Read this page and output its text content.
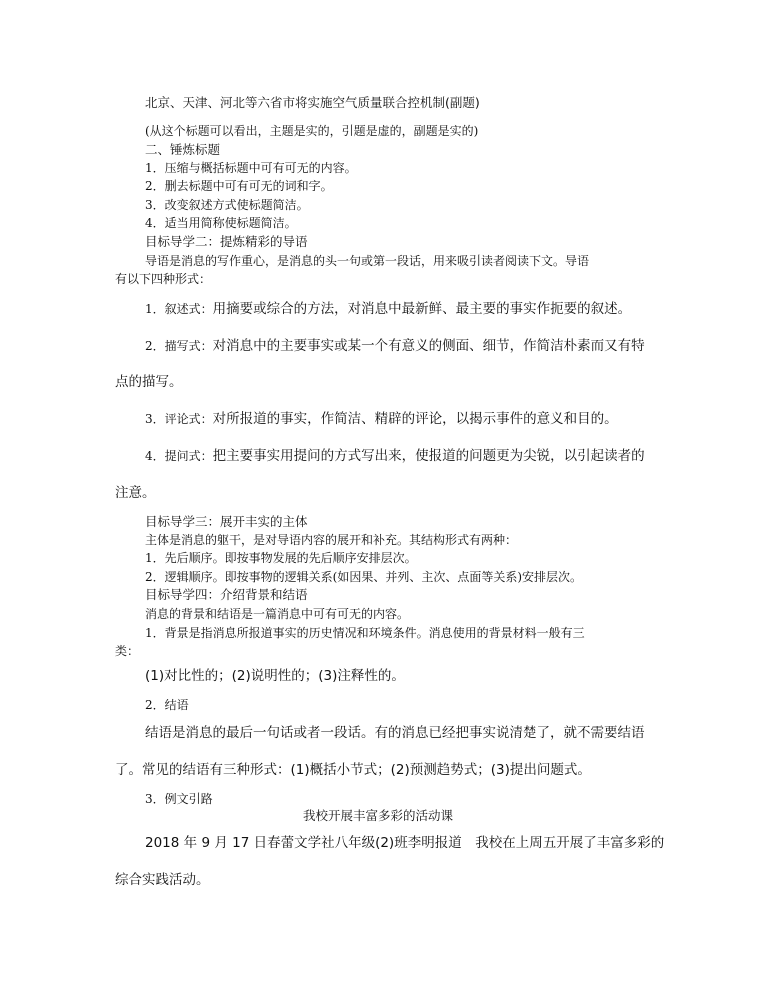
北京、天津、河北等六省市将实施空气质量联合控机制(副题)
(从这个标题可以看出，主题是实的，引题是虚的，副题是实的)
二、锤炼标题
1．压缩与概括标题中可有可无的内容。
2．删去标题中可有可无的词和字。
3．改变叙述方式使标题简洁。
4．适当用简称使标题简洁。
目标导学二：提炼精彩的导语
导语是消息的写作重心，是消息的头一句或第一段话，用来吸引读者阅读下文。导语
有以下四种形式：
1．叙述式：用摘要或综合的方法，对消息中最新鲜、最主要的事实作扼要的叙述。
2．描写式：对消息中的主要事实或某一个有意义的侧面、细节，作简洁朴素而又有特
点的描写。
3．评论式：对所报道的事实，作简洁、精辟的评论，以揭示事件的意义和目的。
4．提问式：把主要事实用提问的方式写出来，使报道的问题更为尖锐，以引起读者的
注意。
目标导学三：展开丰实的主体
主体是消息的躯干，是对导语内容的展开和补充。其结构形式有两种：
1．先后顺序。即按事物发展的先后顺序安排层次。
2．逻辑顺序。即按事物的逻辑关系(如因果、并列、主次、点面等关系)安排层次。
目标导学四：介绍背景和结语
消息的背景和结语是一篇消息中可有可无的内容。
1．背景是指消息所报道事实的历史情况和环境条件。消息使用的背景材料一般有三
类：
(1)对比性的；(2)说明性的；(3)注释性的。
2．结语
结语是消息的最后一句话或者一段话。有的消息已经把事实说清楚了，就不需要结语
了。常见的结语有三种形式：(1)概括小节式；(2)预测趋势式；(3)提出问题式。
3．例文引路
我校开展丰富多彩的活动课
2018 年 9 月 17 日春蕾文学社八年级(2)班李明报道　我校在上周五开展了丰富多彩的
综合实践活动。
